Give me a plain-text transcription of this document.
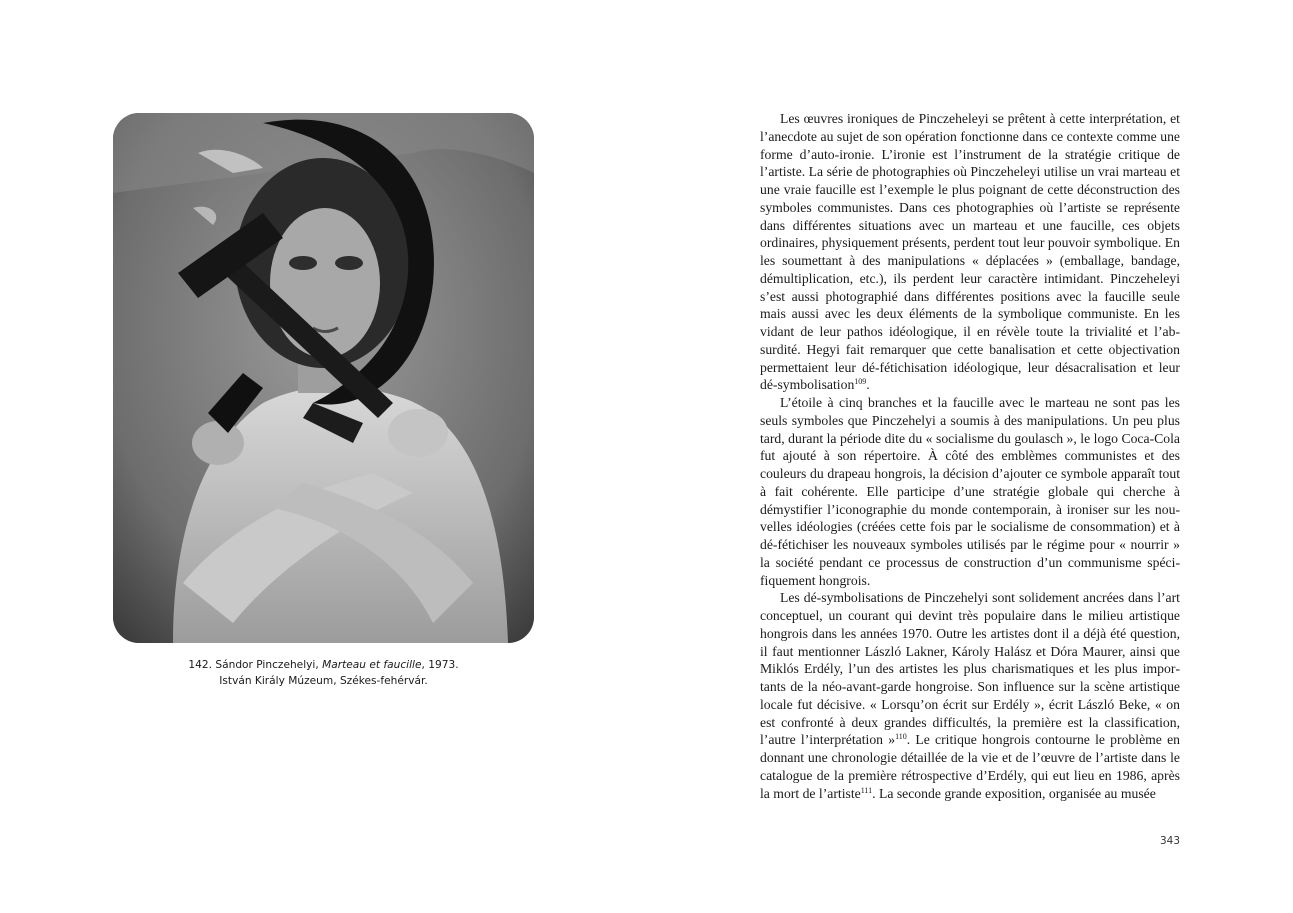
142. Sándor Pinczehelyi, Marteau et faucille, 1973.
István Király Múzeum, Székes-fehérvár.

Les œuvres ironiques de Pinczeheleyi se prêtent à cette interprétation, et l’anecdote au sujet de son opération fonctionne dans ce contexte comme une forme d’auto-ironie. L’ironie est l’instrument de la stratégie critique de l’artiste. La série de photographies où Pinczeheleyi utilise un vrai marteau et une vraie faucille est l’exemple le plus poignant de cette déconstruction des symboles communistes. Dans ces photographies où l’artiste se représente dans différentes situations avec un marteau et une faucille, ces objets ordinaires, physiquement présents, perdent tout leur pouvoir symbolique. En les soumettant à des manipulations « déplacées » (emballage, bandage, démultiplication, etc.), ils perdent leur caractère intimidant. Pinczeheleyi s’est aussi photographié dans différentes positions avec la faucille seule mais aussi avec les deux éléments de la symbolique communiste. En les vidant de leur pathos idéologique, il en révèle toute la trivialité et l’absurdité. Hegyi fait remarquer que cette banalisation et cette objectivation permettaient leur dé-fétichisation idéologique, leur désacralisation et leur dé-symbolisation$^{109}$.

L’étoile à cinq branches et la faucille avec le marteau ne sont pas les seuls symboles que Pinczehelyi a soumis à des manipulations. Un peu plus tard, durant la période dite du « socialisme du goulasch », le logo Coca-Cola fut ajouté à son répertoire. À côté des emblèmes communistes et des couleurs du drapeau hongrois, la décision d’ajouter ce symbole apparaît tout à fait cohérente. Elle participe d’une stratégie globale qui cherche à démystifier l’iconographie du monde contemporain, à ironiser sur les nouvelles idéologies (créées cette fois par le socialisme de consommation) et à dé-fétichiser les nouveaux symboles utilisés par le régime pour « nourrir » la société pendant ce processus de construction d’un communisme spécifiquement hongrois.

Les dé-symbolisations de Pinczehelyi sont solidement ancrées dans l’art conceptuel, un courant qui devint très populaire dans le milieu artistique hongrois dans les années 1970. Outre les artistes dont il a déjà été question, il faut mentionner László Lakner, Károly Halász et Dóra Maurer, ainsi que Miklós Erdély, l’un des artistes les plus charismatiques et les plus importants de la néo-avant-garde hongroise. Son influence sur la scène artistique locale fut décisive. « Lorsqu’on écrit sur Erdély », écrit László Beke, « on est confronté à deux grandes difficultés, la première est la classification, l’autre l’interprétation »$^{110}$. Le critique hongrois contourne le problème en donnant une chronologie détaillée de la vie et de l’œuvre de l’artiste dans le catalogue de la première rétrospective d’Erdély, qui eut lieu en 1986, après la mort de l’artiste$^{111}$. La seconde grande exposition, organisée au musée

343
